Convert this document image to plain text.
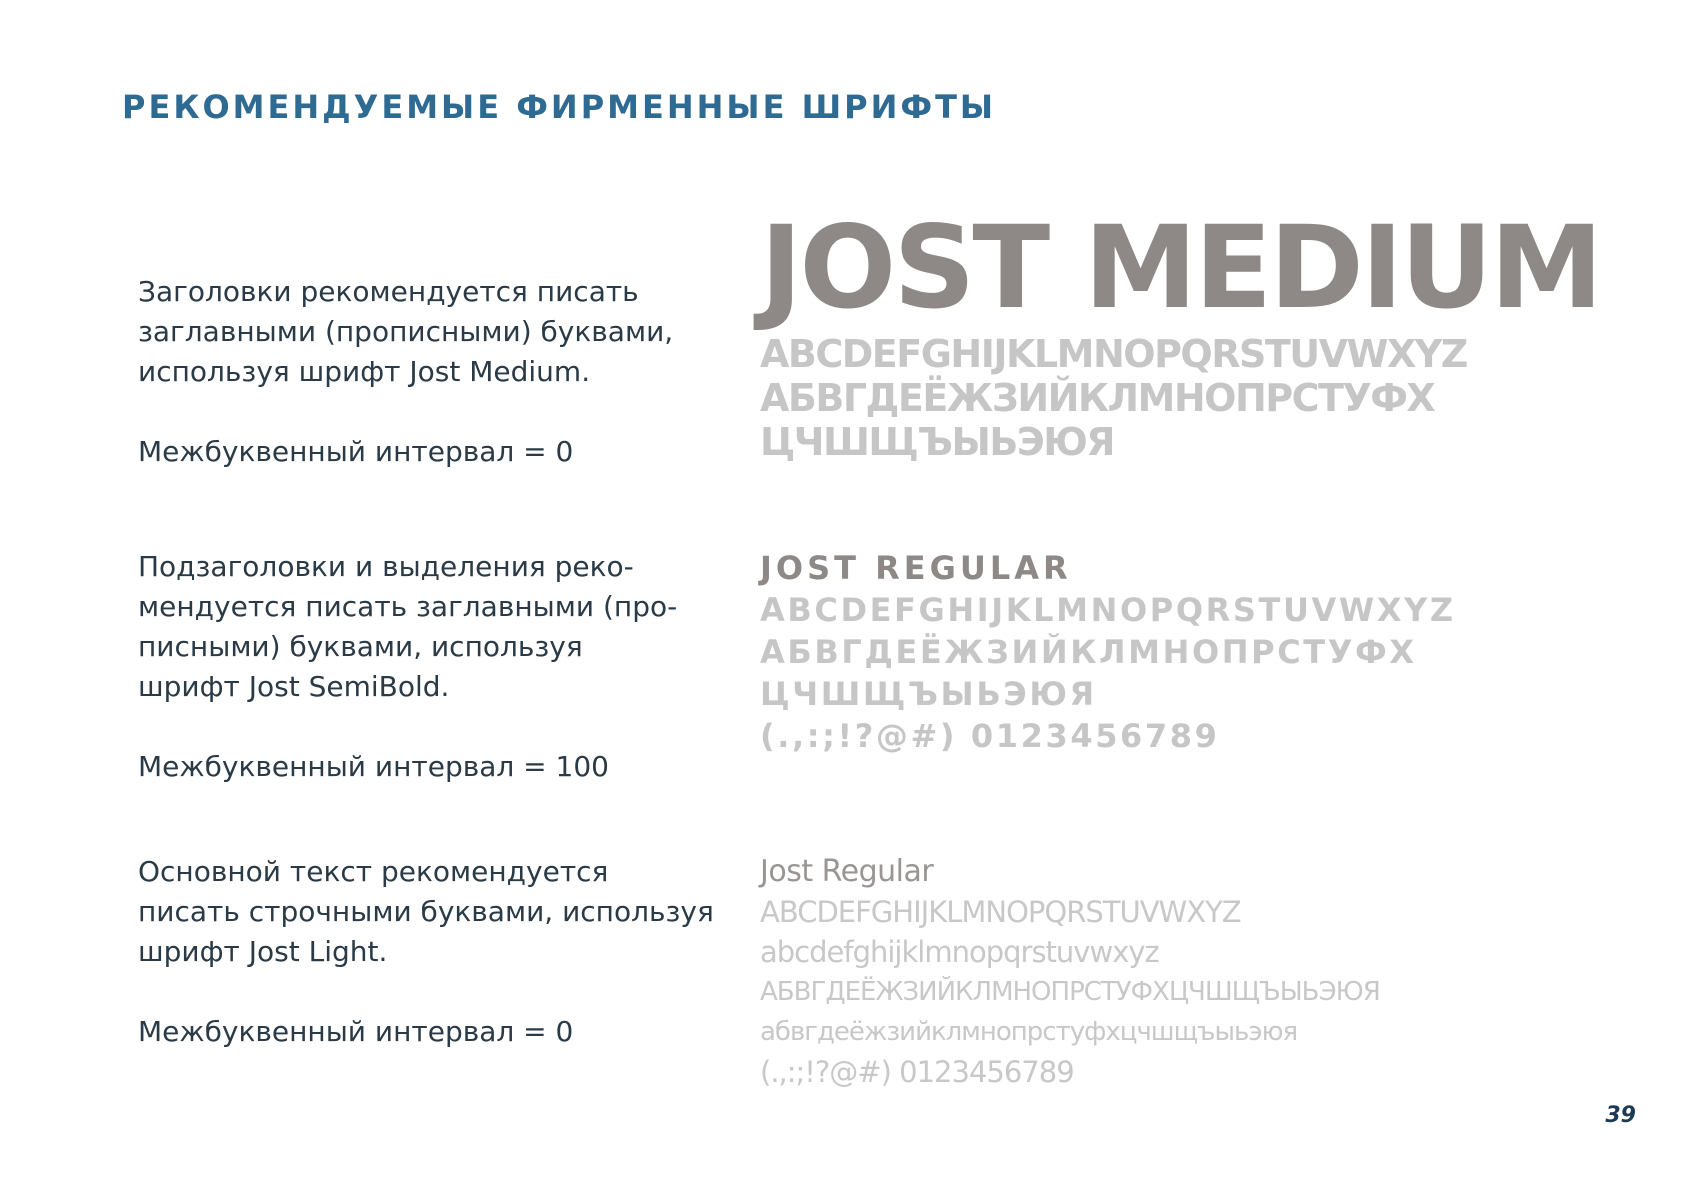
РЕКОМЕНДУЕМЫЕ ФИРМЕННЫЕ ШРИФТЫ

Заголовки рекомендуется писать

заглавными (прописными) буквами,

используя шрифт Jost Medium.

Межбуквенный интервал = 0

JOST MEDIUM
ABCDEFGHIJKLMNOPQRSTUVWXYZ
АБВГДЕЁЖЗИЙКЛМНОПРСТУФХ
ЦЧШЩЪЫЬЭЮЯ

Подзаголовки и выделения реко-

мендуется писать заглавными (про-

писными) буквами, используя

шрифт Jost SemiBold.

Межбуквенный интервал = 100

JOST REGULAR
ABCDEFGHIJKLMNOPQRSTUVWXYZ
АБВГДЕЁЖЗИЙКЛМНОПРСТУФХ
ЦЧШЩЪЫЬЭЮЯ
(.,:;!?@#) 0123456789

Основной текст рекомендуется

писать строчными буквами, используя

шрифт Jost Light.

Межбуквенный интервал = 0

Jost Regular
ABCDEFGHIJKLMNOPQRSTUVWXYZ
abcdefghijklmnopqrstuvwxyz
АБВГДЕЁЖЗИЙКЛМНОПРСТУФХЦЧШЩЪЫЬЭЮЯ
абвгдеёжзийклмнопрстуфхцчшщъыьэюя
(.,:;!?@#) 0123456789
39
